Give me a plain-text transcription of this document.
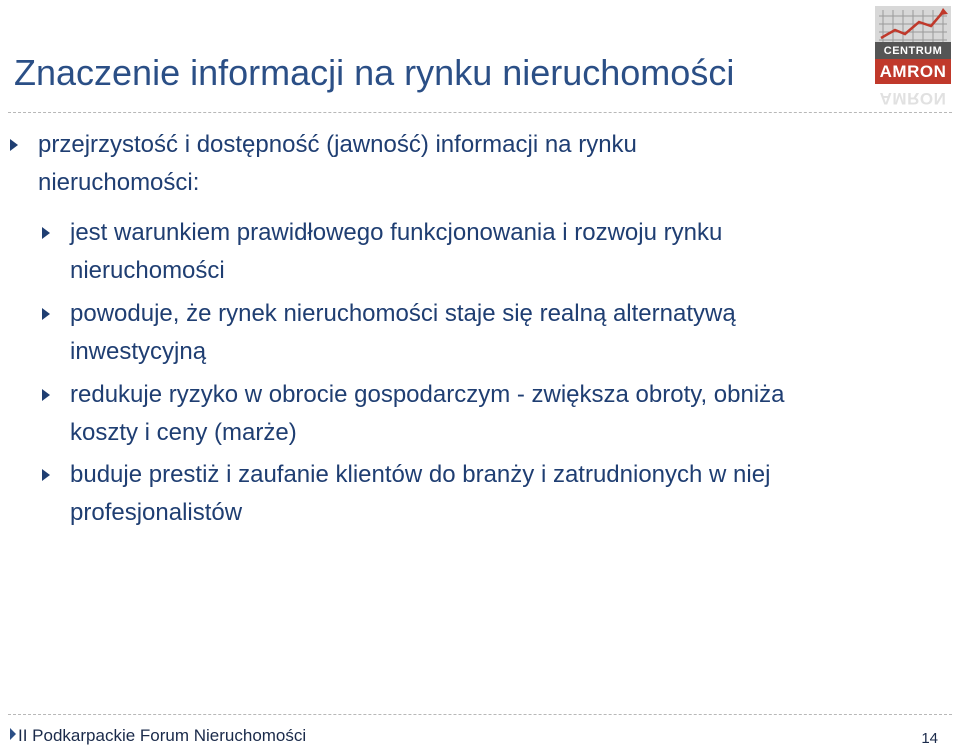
Znaczenie informacji na rynku nieruchomości
CENTRUM
AMRON
AMRON
przejrzystość i dostępność (jawność) informacji na rynku
nieruchomości:
jest warunkiem prawidłowego funkcjonowania i rozwoju rynku
nieruchomości
powoduje, że rynek nieruchomości staje się realną alternatywą
inwestycyjną
redukuje ryzyko w obrocie gospodarczym - zwiększa obroty, obniża
koszty i ceny (marże)
buduje prestiż i zaufanie klientów do branży i zatrudnionych w niej
profesjonalistów
II Podkarpackie Forum Nieruchomości	14
